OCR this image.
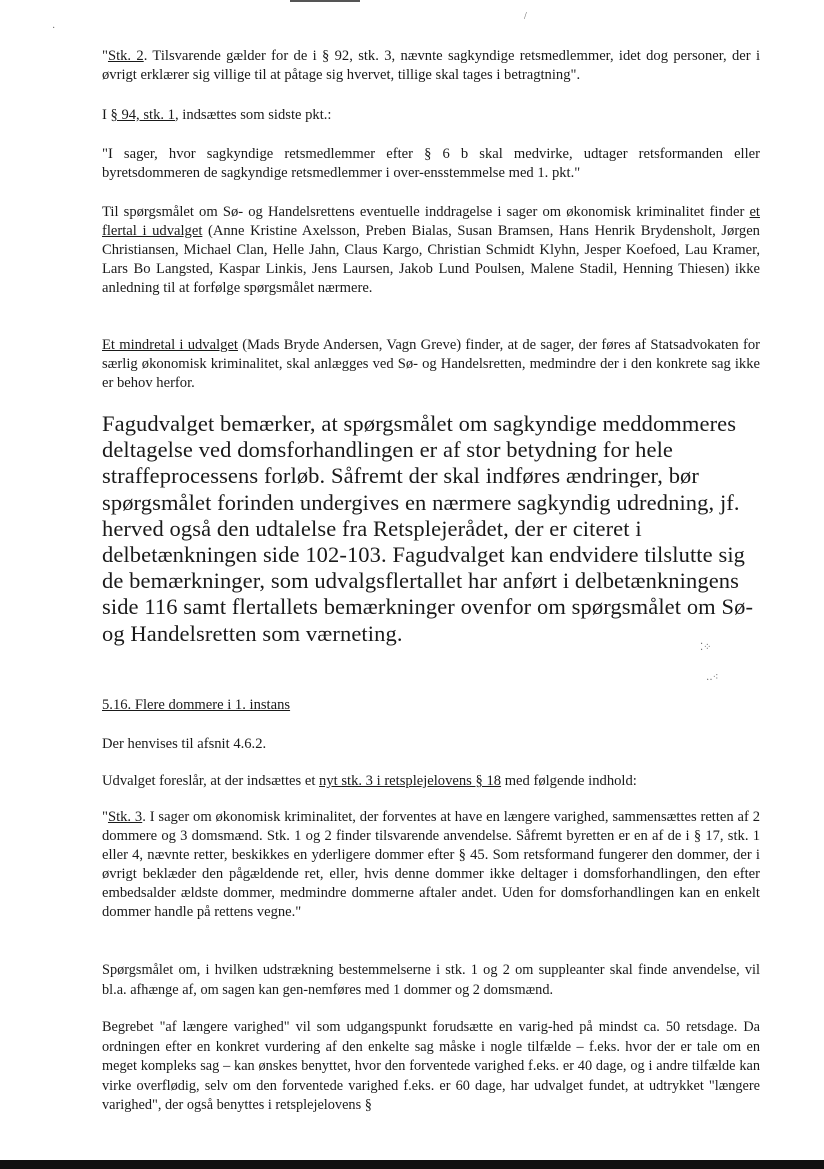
·
/
⁚⁘
‥⁖

"Stk. 2. Tilsvarende gælder for de i § 92, stk. 3, nævnte sagkyndige retsmedlemmer, idet dog personer, der i øvrigt erklærer sig villige til at påtage sig hvervet, tillige skal tages i betragtning".

I § 94, stk. 1, indsættes som sidste pkt.:

"I sager, hvor sagkyndige retsmedlemmer efter § 6 b skal medvirke, udtager retsformanden eller byretsdommeren de sagkyndige retsmedlemmer i over-ensstemmelse med 1. pkt."

Til spørgsmålet om Sø- og Handelsrettens eventuelle inddragelse i sager om økonomisk kriminalitet finder et flertal i udvalget (Anne Kristine Axelsson, Preben Bialas, Susan Bramsen, Hans Henrik Brydensholt, Jørgen Christiansen, Michael Clan, Helle Jahn, Claus Kargo, Christian Schmidt Klyhn, Jesper Koefoed, Lau Kramer, Lars Bo Langsted, Kaspar Linkis, Jens Laursen, Jakob Lund Poulsen, Malene Stadil, Henning Thiesen) ikke anledning til at forfølge spørgsmålet nærmere.

Et mindretal i udvalget (Mads Bryde Andersen, Vagn Greve) finder, at de sager, der føres af Statsadvokaten for særlig økonomisk kriminalitet, skal anlægges ved Sø- og Handelsretten, medmindre der i den konkrete sag ikke er behov herfor.

Fagudvalget bemærker, at spørgsmålet om sagkyndige meddommeres deltagelse ved domsforhandlingen er af stor betydning for hele straffeprocessens forløb. Såfremt der skal indføres ændringer, bør spørgsmålet forinden undergives en nærmere sagkyndig udredning, jf. herved også den udtalelse fra Retsplejerådet, der er citeret i delbetænkningen side 102-103. Fagudvalget kan endvidere tilslutte sig de bemærkninger, som udvalgsflertallet har anført i delbetænkningens side 116 samt flertallets bemærkninger ovenfor om spørgsmålet om Sø- og Handelsretten som værneting.

5.16. Flere dommere i 1. instans

Der henvises til afsnit 4.6.2.

Udvalget foreslår, at der indsættes et nyt stk. 3 i retsplejelovens § 18 med følgende indhold:

"Stk. 3. I sager om økonomisk kriminalitet, der forventes at have en længere varighed, sammensættes retten af 2 dommere og 3 domsmænd. Stk. 1 og 2 finder tilsvarende anvendelse. Såfremt byretten er en af de i § 17, stk. 1 eller 4, nævnte retter, beskikkes en yderligere dommer efter § 45. Som retsformand fungerer den dommer, der i øvrigt beklæder den pågældende ret, eller, hvis denne dommer ikke deltager i domsforhandlingen, den efter embedsalder ældste dommer, medmindre dommerne aftaler andet. Uden for domsforhandlingen kan en enkelt dommer handle på rettens vegne."

Spørgsmålet om, i hvilken udstrækning bestemmelserne i stk. 1 og 2 om suppleanter skal finde anvendelse, vil bl.a. afhænge af, om sagen kan gen-nemføres med 1 dommer og 2 domsmænd.

Begrebet "af længere varighed" vil som udgangspunkt forudsætte en varig-hed på mindst ca. 50 retsdage. Da ordningen efter en konkret vurdering af den enkelte sag måske i nogle tilfælde – f.eks. hvor der er tale om en meget kompleks sag – kan ønskes benyttet, hvor den forventede varighed f.eks. er 40 dage, og i andre tilfælde kan virke overflødig, selv om den forventede varighed f.eks. er 60 dage, har udvalget fundet, at udtrykket "længere varighed", der også benyttes i retsplejelovens §
